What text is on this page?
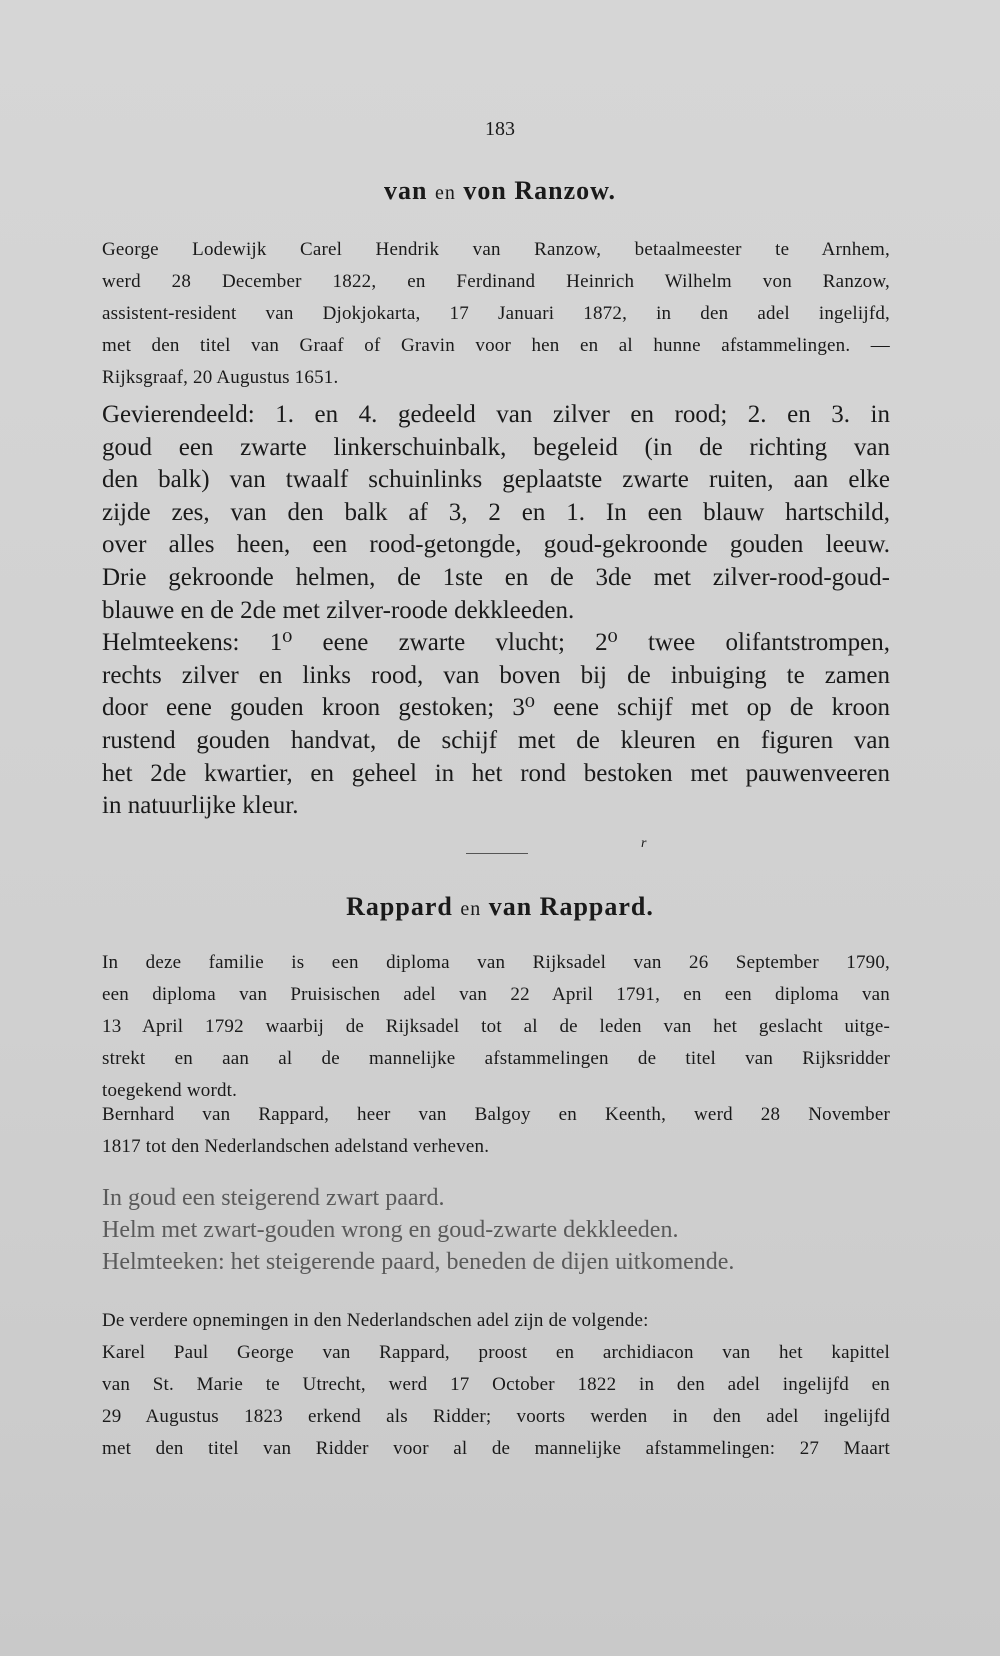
183
van en von Ranzow.
George Lodewijk Carel Hendrik van Ranzow, betaalmeester te Arnhem,
werd 28 December 1822, en Ferdinand Heinrich Wilhelm von Ranzow,
assistent-resident van Djokjokarta, 17 Januari 1872, in den adel ingelijfd,
met den titel van Graaf of Gravin voor hen en al hunne afstammelingen. —
Rijksgraaf, 20 Augustus 1651.
Gevierendeeld: 1. en 4. gedeeld van zilver en rood; 2. en 3. in
goud een zwarte linkerschuinbalk, begeleid (in de richting van
den balk) van twaalf schuinlinks geplaatste zwarte ruiten, aan elke
zijde zes, van den balk af 3, 2 en 1. In een blauw hartschild,
over alles heen, een rood-getongde, goud-gekroonde gouden leeuw.
Drie gekroonde helmen, de 1ste en de 3de met zilver-rood-goud-
blauwe en de 2de met zilver-roode dekkleeden.
Helmteekens: 1⁰ eene zwarte vlucht; 2⁰ twee olifantstrompen,
rechts zilver en links rood, van boven bij de inbuiging te zamen
door eene gouden kroon gestoken; 3⁰ eene schijf met op de kroon
rustend gouden handvat, de schijf met de kleuren en figuren van
het 2de kwartier, en geheel in het rond bestoken met pauwenveeren
in natuurlijke kleur.
r
Rappard en van Rappard.
In deze familie is een diploma van Rijksadel van 26 September 1790,
een diploma van Pruisischen adel van 22 April 1791, en een diploma van
13 April 1792 waarbij de Rijksadel tot al de leden van het geslacht uitge-
strekt en aan al de mannelijke afstammelingen de titel van Rijksridder
toegekend wordt.
Bernhard van Rappard, heer van Balgoy en Keenth, werd 28 November
1817 tot den Nederlandschen adelstand verheven.
In goud een steigerend zwart paard.
Helm met zwart-gouden wrong en goud-zwarte dekkleeden.
Helmteeken: het steigerende paard, beneden de dijen uitkomende.
De verdere opnemingen in den Nederlandschen adel zijn de volgende:
Karel Paul George van Rappard, proost en archidiacon van het kapittel
van St. Marie te Utrecht, werd 17 October 1822 in den adel ingelijfd en
29 Augustus 1823 erkend als Ridder; voorts werden in den adel ingelijfd
met den titel van Ridder voor al de mannelijke afstammelingen: 27 Maart
